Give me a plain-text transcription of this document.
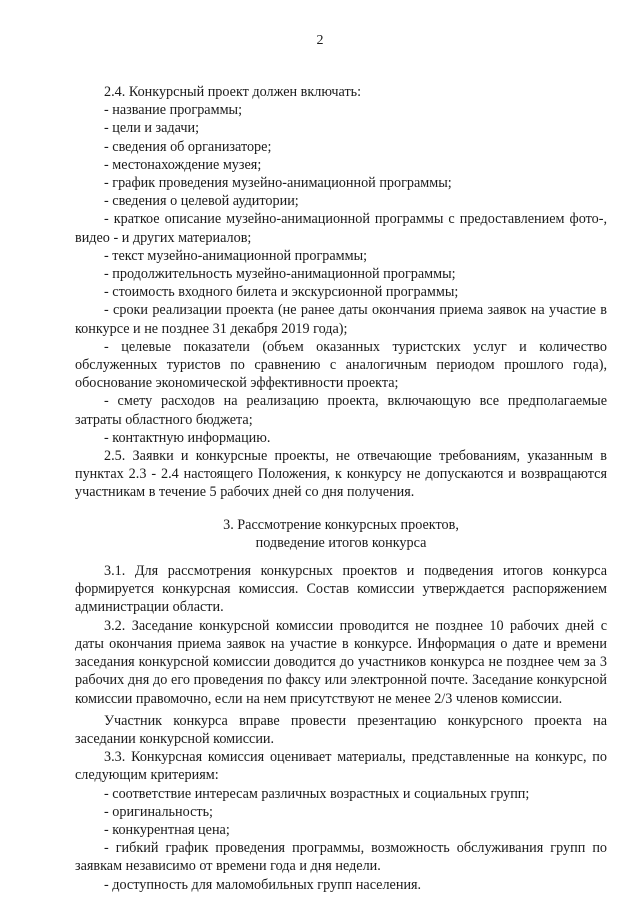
2

2.4. Конкурсный проект должен включать:

- название программы;

- цели и задачи;

- сведения об организаторе;

- местонахождение музея;

- график проведения музейно-анимационной программы;

- сведения о целевой аудитории;

- краткое описание музейно-анимационной программы с предоставлением фото-, видео - и других материалов;

- текст музейно-анимационной программы;

- продолжительность музейно-анимационной программы;

- стоимость входного билета и экскурсионной программы;

- сроки реализации проекта (не ранее даты окончания приема заявок на участие в конкурсе и не позднее 31 декабря 2019 года);

- целевые показатели (объем оказанных туристских услуг и количество обслуженных туристов по сравнению с аналогичным периодом прошлого года), обоснование экономической эффективности проекта;

- смету расходов на реализацию проекта, включающую все предполагаемые затраты областного бюджета;

- контактную информацию.

2.5. Заявки и конкурсные проекты, не отвечающие требованиям, указанным в пунктах 2.3 - 2.4 настоящего Положения, к конкурсу не допускаются и возвращаются участникам в течение 5 рабочих дней со дня получения.

3. Рассмотрение конкурсных проектов,
подведение итогов конкурса

3.1. Для рассмотрения конкурсных проектов и подведения итогов конкурса формируется конкурсная комиссия. Состав комиссии утверждается распоряжением администрации области.

3.2. Заседание конкурсной комиссии проводится не позднее 10 рабочих дней с даты окончания приема заявок на участие в конкурсе. Информация о дате и времени заседания конкурсной комиссии доводится до участников конкурса не позднее чем за 3 рабочих дня до его проведения по факсу или электронной почте. Заседание конкурсной комиссии правомочно, если на нем присутствуют не менее 2/3 членов комиссии.

Участник конкурса вправе провести презентацию конкурсного проекта на заседании конкурсной комиссии.

3.3. Конкурсная комиссия оценивает материалы, представленные на конкурс, по следующим критериям:

- соответствие интересам различных возрастных и социальных групп;

- оригинальность;

- конкурентная цена;

- гибкий график проведения программы, возможность обслуживания групп по заявкам независимо от времени года и дня недели.

- доступность для маломобильных групп населения.
